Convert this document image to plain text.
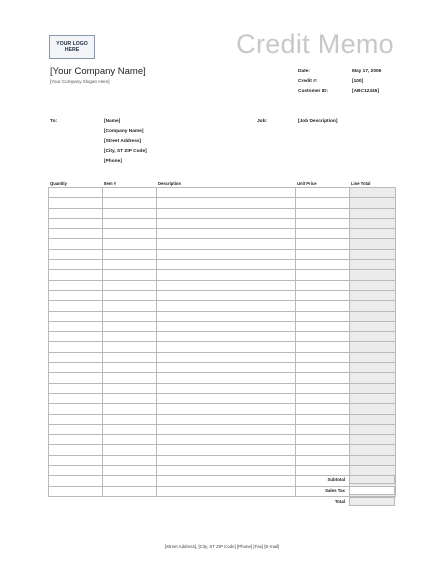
YOUR LOGO
HERE	Credit Memo
[Your Company Name]
[Your Company Slogan Here]
Date:	May 17, 2006
Credit #:	[100]
Customer ID:	[ABC12345]
To:	[Name]
[Company Name]
[Street Address]
[City, ST ZIP Code]
[Phone]
Job:	[Job Description]
Quantity	Item #	Description	Unit Price	Line Total

Subtotal
Sales Tax
Total
[Street Address], [City, ST ZIP Code] [Phone] [Fax] [E-mail]
